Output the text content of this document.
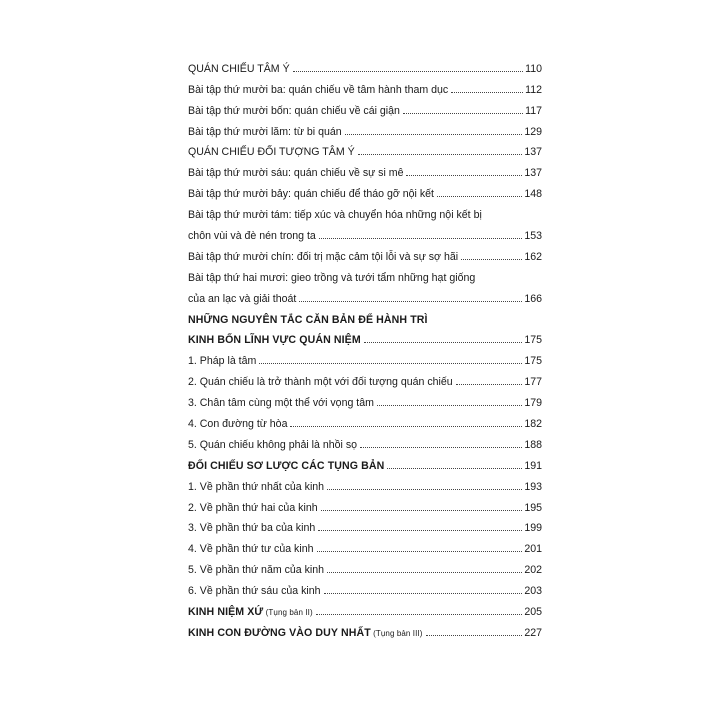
QUÁN CHIẾU TÂM Ý	110
Bài tập thứ mười ba: quán chiếu về tâm hành tham dục	112
Bài tập thứ mười bốn: quán chiếu về cái giận	117
Bài tập thứ mười lăm: từ bi quán	129
QUÁN CHIẾU ĐỐI TƯỢNG TÂM Ý	137
Bài tập thứ mười sáu: quán chiếu về sự si mê	137
Bài tập thứ mười bảy: quán chiếu để tháo gỡ nội kết	148
Bài tập thứ mười tám: tiếp xúc và chuyển hóa những nội kết bị
chôn vùi và đè nén trong ta	153
Bài tập thứ mười chín: đối trị mặc cảm tội lỗi và sự sợ hãi	162
Bài tập thứ hai mươi: gieo trồng và tưới tẩm những hạt giống
của an lạc và giải thoát	166
NHỮNG NGUYÊN TẮC CĂN BẢN ĐỂ HÀNH TRÌ
KINH BỐN LĨNH VỰC QUÁN NIỆM	175
1. Pháp là tâm	175
2. Quán chiếu là trở thành một với đối tượng quán chiếu	177
3. Chân tâm cùng một thể với vọng tâm	179
4. Con đường từ hòa	182
5. Quán chiếu không phải là nhồi sọ	188
ĐỐI CHIẾU SƠ LƯỢC CÁC TỤNG BẢN	191
1. Về phần thứ nhất của kinh	193
2. Về phần thứ hai của kinh	195
3. Về phần thứ ba của kinh	199
4. Về phần thứ tư của kinh	201
5. Về phần thứ năm của kinh	202
6. Về phần thứ sáu của kinh	203
KINH NIỆM XỨ (Tụng bản II)	205
KINH CON ĐƯỜNG VÀO DUY NHẤT (Tụng bản III)	227
